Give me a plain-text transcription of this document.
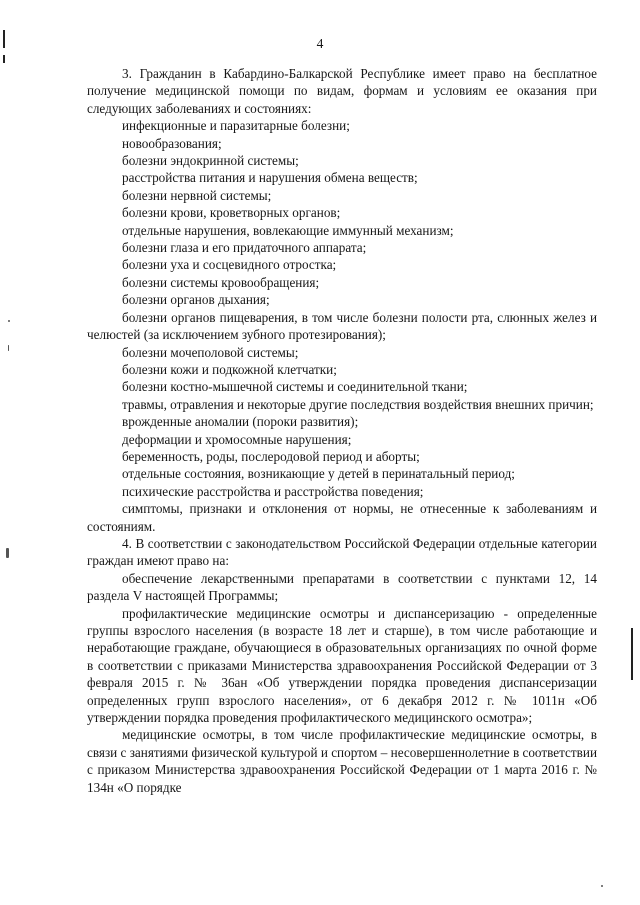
4

3. Гражданин в Кабардино-Балкарской Республике имеет право на бесплатное получение медицинской помощи по видам, формам и условиям ее оказания при следующих заболеваниях и состояниях:

инфекционные и паразитарные болезни;

новообразования;

болезни эндокринной системы;

расстройства питания и нарушения обмена веществ;

болезни нервной системы;

болезни крови, кроветворных органов;

отдельные нарушения, вовлекающие иммунный механизм;

болезни глаза и его придаточного аппарата;

болезни уха и сосцевидного отростка;

болезни системы кровообращения;

болезни органов дыхания;

болезни органов пищеварения, в том числе болезни полости рта, слюнных желез и челюстей (за исключением зубного протезирования);

болезни мочеполовой системы;

болезни кожи и подкожной клетчатки;

болезни костно-мышечной системы и соединительной ткани;

травмы, отравления и некоторые другие последствия воздействия внешних причин;

врожденные аномалии (пороки развития);

деформации и хромосомные нарушения;

беременность, роды, послеродовой период и аборты;

отдельные состояния, возникающие у детей в перинатальный период;

психические расстройства и расстройства поведения;

симптомы, признаки и отклонения от нормы, не отнесенные к заболеваниям и состояниям.

4. В соответствии с законодательством Российской Федерации отдельные категории граждан имеют право на:

обеспечение лекарственными препаратами в соответствии с пунктами 12, 14 раздела V настоящей Программы;

профилактические медицинские осмотры и диспансеризацию - определенные группы взрослого населения (в возрасте 18 лет и старше), в том числе работающие и неработающие граждане, обучающиеся в образовательных организациях по очной форме в соответствии с приказами Министерства здравоохранения Российской Федерации от 3 февраля 2015 г. № 36ан «Об утверждении порядка проведения диспансеризации определенных групп взрослого населения», от 6 декабря 2012 г. № 1011н «Об утверждении порядка проведения профилактического медицинского осмотра»;

медицинские осмотры, в том числе профилактические медицинские осмотры, в связи с занятиями физической культурой и спортом – несовершеннолетние в соответствии с приказом Министерства здравоохранения Российской Федерации от 1 марта 2016 г. № 134н «О порядке
